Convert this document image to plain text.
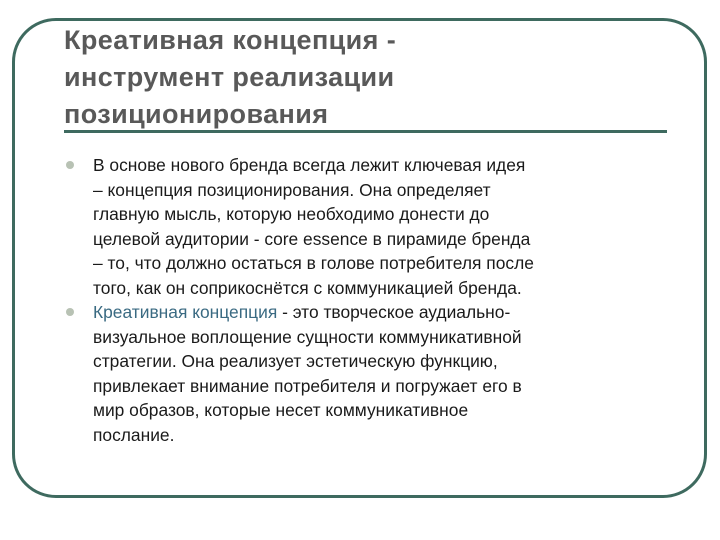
Креативная концепция -
инструмент реализации
позиционирования
В основе нового бренда всегда лежит ключевая идея
– концепция позиционирования. Она определяет
главную мысль, которую необходимо донести до
целевой аудитории - core essence в пирамиде бренда
– то, что должно остаться в голове потребителя после
того, как он соприкоснётся с коммуникацией бренда.
Креативная концепция - это творческое аудиально-
визуальное воплощение сущности коммуникативной
стратегии. Она реализует эстетическую функцию,
привлекает внимание потребителя и погружает его в
мир образов, которые несет коммуникативное
послание.
